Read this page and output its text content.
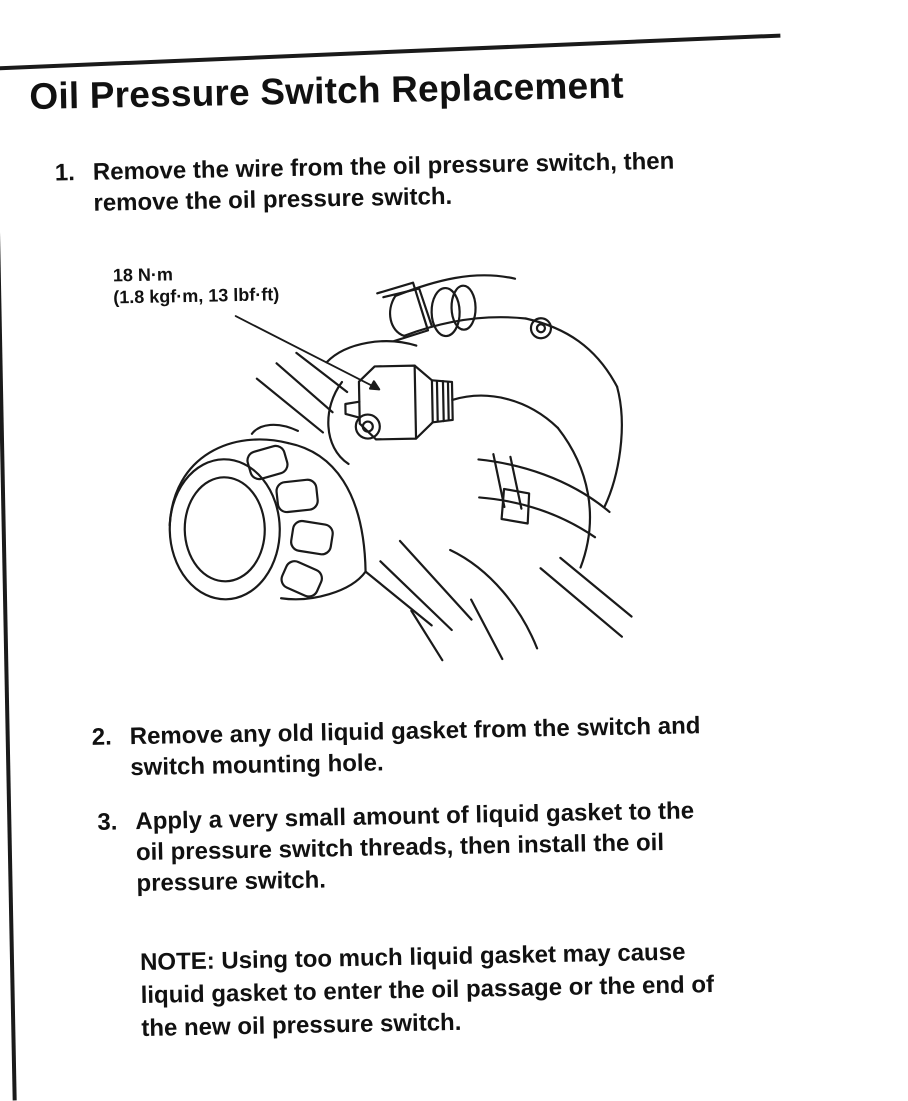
Oil Pressure Switch Replacement
1. Remove the wire from the oil pressure switch, then
remove the oil pressure switch.
18 N·m
(1.8 kgf·m, 13 lbf·ft)
2. Remove any old liquid gasket from the switch and
switch mounting hole.
3. Apply a very small amount of liquid gasket to the
oil pressure switch threads, then install the oil
pressure switch.
NOTE: Using too much liquid gasket may cause
liquid gasket to enter the oil passage or the end of
the new oil pressure switch.
